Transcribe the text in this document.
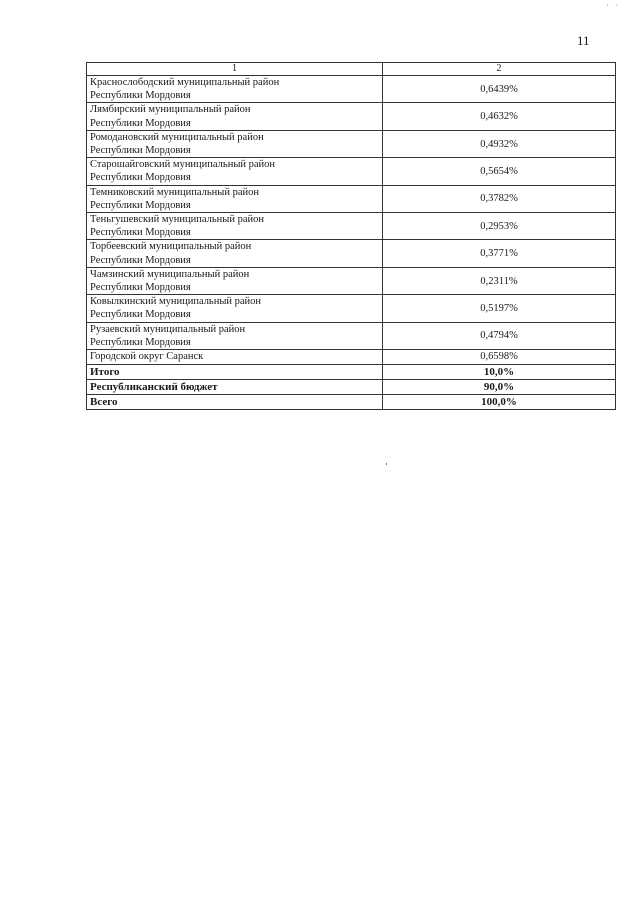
· ·
11
1	2

Краснослободский муниципальный район
Республики Мордовия	0,6439%

Лямбирский муниципальный район
Республики Мордовия	0,4632%

Ромодановский муниципальный район
Республики Мордовия	0,4932%

Старошайговский муниципальный район
Республики Мордовия	0,5654%

Темниковский муниципальный район
Республики Мордовия	0,3782%

Теньгушевский муниципальный район
Республики Мордовия	0,2953%

Торбеевский муниципальный район
Республики Мордовия	0,3771%

Чамзинский муниципальный район
Республики Мордовия	0,2311%

Ковылкинский муниципальный район
Республики Мордовия	0,5197%

Рузаевский муниципальный район
Республики Мордовия	0,4794%
Городской округ Саранск	0,6598%
Итого	10,0%
Республиканский бюджет	90,0%
Всего	100,0%
